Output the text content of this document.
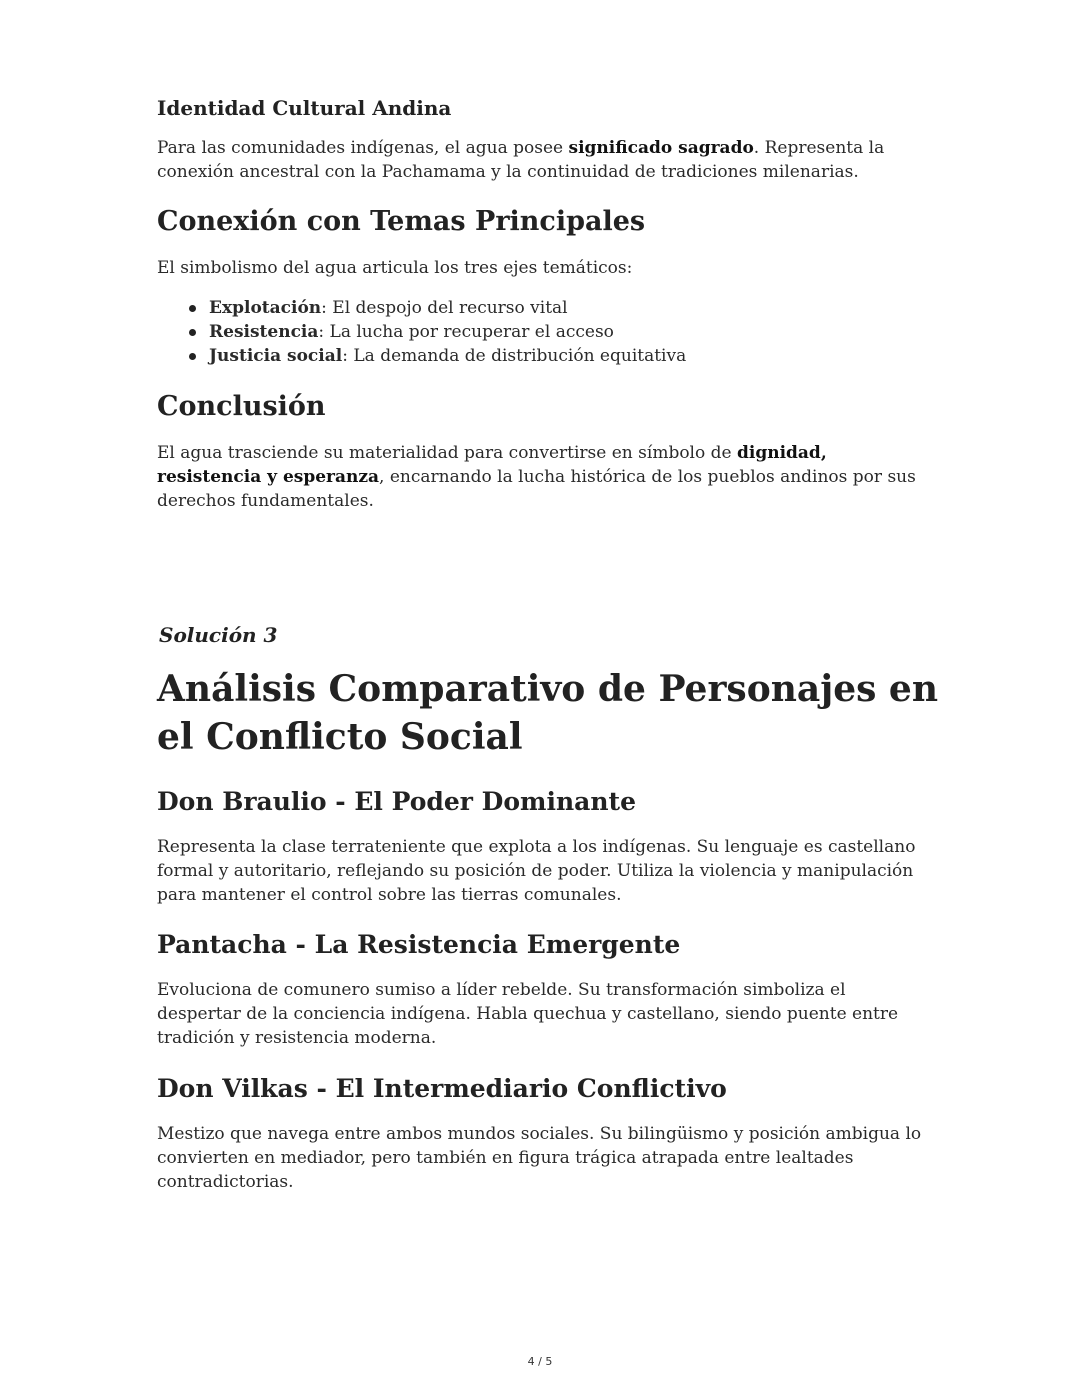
Identidad Cultural Andina

Para las comunidades indígenas, el agua posee significado sagrado. Representa la conexión ancestral con la Pachamama y la continuidad de tradiciones milenarias.

Conexión con Temas Principales

El simbolismo del agua articula los tres ejes temáticos:

Explotación: El despojo del recurso vital
Resistencia: La lucha por recuperar el acceso
Justicia social: La demanda de distribución equitativa
Conclusión

El agua trasciende su materialidad para convertirse en símbolo de dignidad, resistencia y esperanza, encarnando la lucha histórica de los pueblos andinos por sus derechos fundamentales.

Solución 3
Análisis Comparativo de Personajes en el Conflicto Social
Don Braulio - El Poder Dominante

Representa la clase terrateniente que explota a los indígenas. Su lenguaje es castellano formal y autoritario, reflejando su posición de poder. Utiliza la violencia y manipulación para mantener el control sobre las tierras comunales.

Pantacha - La Resistencia Emergente

Evoluciona de comunero sumiso a líder rebelde. Su transformación simboliza el despertar de la conciencia indígena. Habla quechua y castellano, siendo puente entre tradición y resistencia moderna.

Don Vilkas - El Intermediario Conflictivo

Mestizo que navega entre ambos mundos sociales. Su bilingüismo y posición ambigua lo convierten en mediador, pero también en figura trágica atrapada entre lealtades contradictorias.

4 / 5
